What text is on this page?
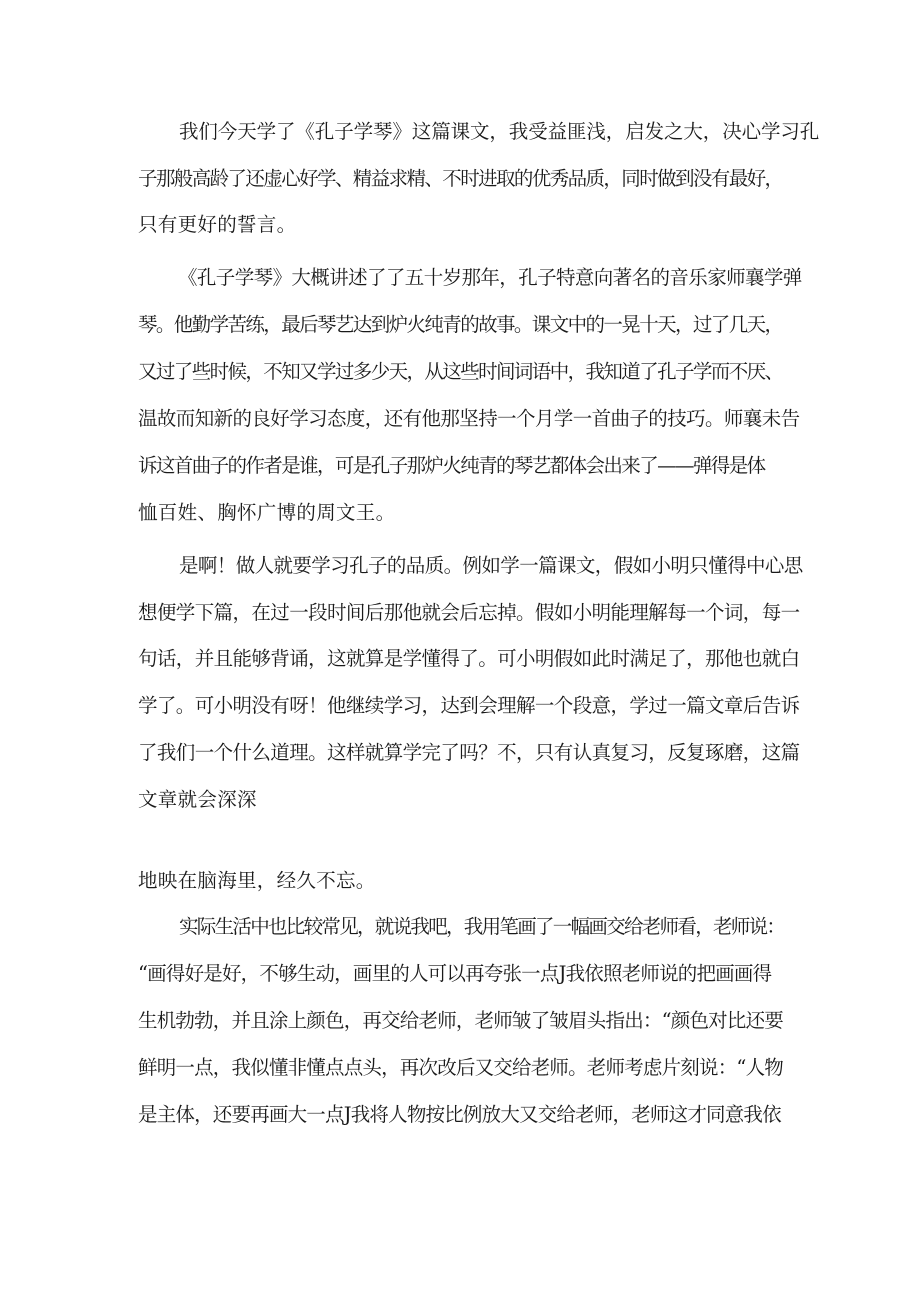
我们今天学了《孔子学琴》这篇课文，我受益匪浅，启发之大，决心学习孔
子那般高龄了还虚心好学、精益求精、不时进取的优秀品质，同时做到没有最好，
只有更好的誓言。
《孔子学琴》大概讲述了了五十岁那年，孔子特意向著名的音乐家师襄学弹
琴。他勤学苦练，最后琴艺达到炉火纯青的故事。课文中的一晃十天，过了几天，
又过了些时候，不知又学过多少天，从这些时间词语中，我知道了孔子学而不厌、
温故而知新的良好学习态度，还有他那坚持一个月学一首曲子的技巧。师襄未告
诉这首曲子的作者是谁，可是孔子那炉火纯青的琴艺都体会出来了——弹得是体
恤百姓、胸怀广博的周文王。
是啊！做人就要学习孔子的品质。例如学一篇课文，假如小明只懂得中心思
想便学下篇，在过一段时间后那他就会后忘掉。假如小明能理解每一个词，每一
句话，并且能够背诵，这就算是学懂得了。可小明假如此时满足了，那他也就白
学了。可小明没有呀！他继续学习，达到会理解一个段意，学过一篇文章后告诉
了我们一个什么道理。这样就算学完了吗？不，只有认真复习，反复琢磨，这篇
文章就会深深
地映在脑海里，经久不忘。
实际生活中也比较常见，就说我吧，我用笔画了一幅画交给老师看，老师说：
“画得好是好，不够生动，画里的人可以再夸张一点J我依照老师说的把画画得
生机勃勃，并且涂上颜色，再交给老师，老师皱了皱眉头指出：“颜色对比还要
鲜明一点，我似懂非懂点点头，再次改后又交给老师。老师考虑片刻说：“人物
是主体，还要再画大一点J我将人物按比例放大又交给老师，老师这才同意我依
